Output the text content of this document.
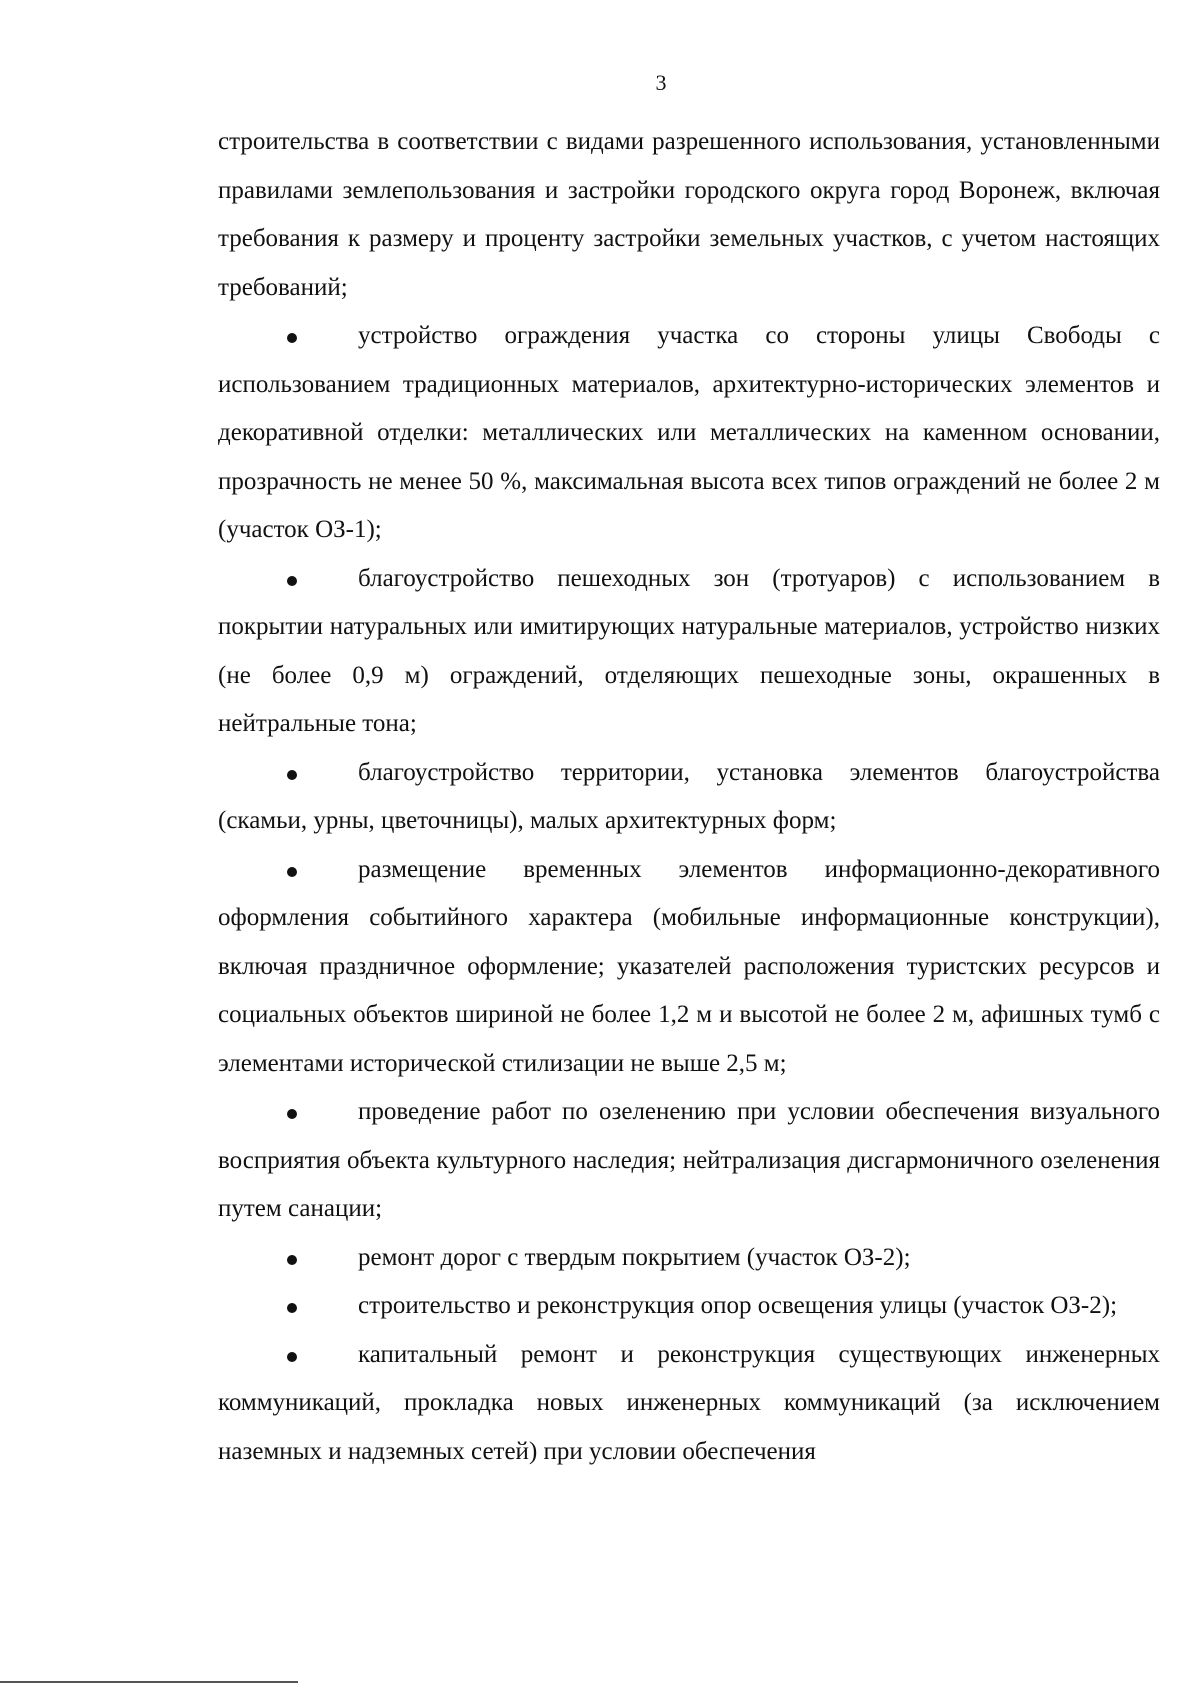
3

строительства в соответствии с видами разрешенного использования, установленными правилами землепользования и застройки городского округа город Воронеж, включая требования к размеру и проценту застройки земельных участков, с учетом настоящих требований;

устройство ограждения участка со стороны улицы Свободы с использованием традиционных материалов, архитектурно-исторических элементов и декоративной отделки: металлических или металлических на каменном основании, прозрачность не менее 50 %, максимальная высота всех типов ограждений не более 2 м (участок ОЗ-1);

благоустройство пешеходных зон (тротуаров) с использованием в покрытии натуральных или имитирующих натуральные материалов, устройство низких (не более 0,9 м) ограждений, отделяющих пешеходные зоны, окрашенных в нейтральные тона;

благоустройство территории, установка элементов благоустройства (скамьи, урны, цветочницы), малых архитектурных форм;

размещение временных элементов информационно-декоративного оформления событийного характера (мобильные информационные конструкции), включая праздничное оформление; указателей расположения туристских ресурсов и социальных объектов шириной не более 1,2 м и высотой не более 2 м, афишных тумб с элементами исторической стилизации не выше 2,5 м;

проведение работ по озеленению при условии обеспечения визуального восприятия объекта культурного наследия; нейтрализация дисгармоничного озеленения путем санации;

ремонт дорог с твердым покрытием (участок ОЗ-2);

строительство и реконструкция опор освещения улицы (участок ОЗ-2);

капитальный ремонт и реконструкция существующих инженерных коммуникаций, прокладка новых инженерных коммуникаций (за исключением наземных и надземных сетей) при условии обеспечения
